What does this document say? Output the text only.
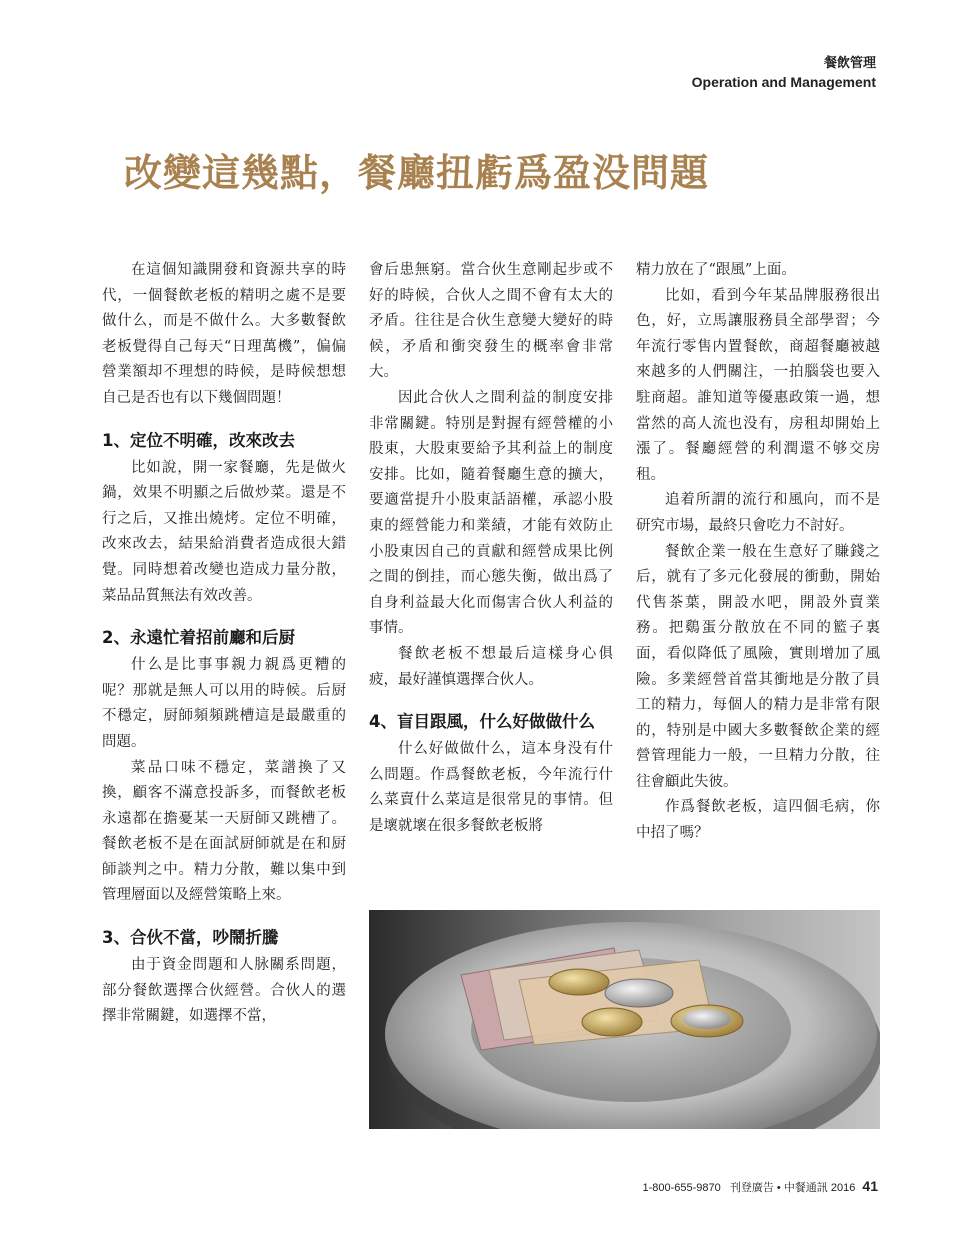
餐飲管理
Operation and Management
改變這幾點，餐廳扭虧爲盈没問題

在這個知識開發和資源共享的時代，一個餐飲老板的精明之處不是要做什么，而是不做什么。大多數餐飲老板覺得自己每天“日理萬機”，偏偏營業額却不理想的時候，是時候想想自己是否也有以下幾個問題！

1、定位不明確，改來改去

比如說，開一家餐廳，先是做火鍋，效果不明顯之后做炒菜。還是不行之后，又推出燒烤。定位不明確，改來改去，結果給消費者造成很大錯覺。同時想着改變也造成力量分散，菜品品質無法有效改善。

2、永遠忙着招前廳和后厨

什么是比事事親力親爲更糟的呢？那就是無人可以用的時候。后厨不穩定，厨師頻頻跳槽這是最嚴重的問題。

菜品口味不穩定，菜譜換了又換，顧客不滿意投訴多，而餐飲老板永遠都在擔憂某一天厨師又跳槽了。餐飲老板不是在面試厨師就是在和厨師談判之中。精力分散，難以集中到管理層面以及經營策略上來。

3、合伙不當，吵鬧折騰

由于資金問題和人脉關系問題，部分餐飲選擇合伙經營。合伙人的選擇非常關鍵，如選擇不當，

會后患無窮。當合伙生意剛起步或不好的時候，合伙人之間不會有太大的矛盾。往往是合伙生意變大變好的時候，矛盾和衝突發生的概率會非常大。

因此合伙人之間利益的制度安排非常關鍵。特別是對握有經營權的小股東，大股東要給予其利益上的制度安排。比如，隨着餐廳生意的擴大，要適當提升小股東話語權，承認小股東的經營能力和業績，才能有效防止小股東因自己的貢獻和經營成果比例之間的倒挂，而心態失衡，做出爲了自身利益最大化而傷害合伙人利益的事情。

餐飲老板不想最后這樣身心俱疲，最好謹慎選擇合伙人。

4、盲目跟風，什么好做做什么

什么好做做什么，這本身没有什么問題。作爲餐飲老板，今年流行什么菜賣什么菜這是很常見的事情。但是壞就壞在很多餐飲老板將

精力放在了“跟風”上面。

比如，看到今年某品牌服務很出色，好，立馬讓服務員全部學習；今年流行零售内置餐飲，商超餐廳被越來越多的人們關注，一拍腦袋也要入駐商超。誰知道等優惠政策一過，想當然的高人流也没有，房租却開始上漲了。餐廳經營的利潤還不够交房租。

追着所謂的流行和風向，而不是研究市場，最終只會吃力不討好。

餐飲企業一般在生意好了賺錢之后，就有了多元化發展的衝動，開始代售茶葉，開設水吧，開設外賣業務。把鷄蛋分散放在不同的籃子裏面，看似降低了風險，實則增加了風險。多業經營首當其衝地是分散了員工的精力，每個人的精力是非常有限的，特别是中國大多數餐飲企業的經營管理能力一般，一旦精力分散，往往會顧此失彼。

作爲餐飲老板，這四個毛病，你中招了嗎？

1-800-655-9870 刊登廣告 • 中餐通訊 2016 41
